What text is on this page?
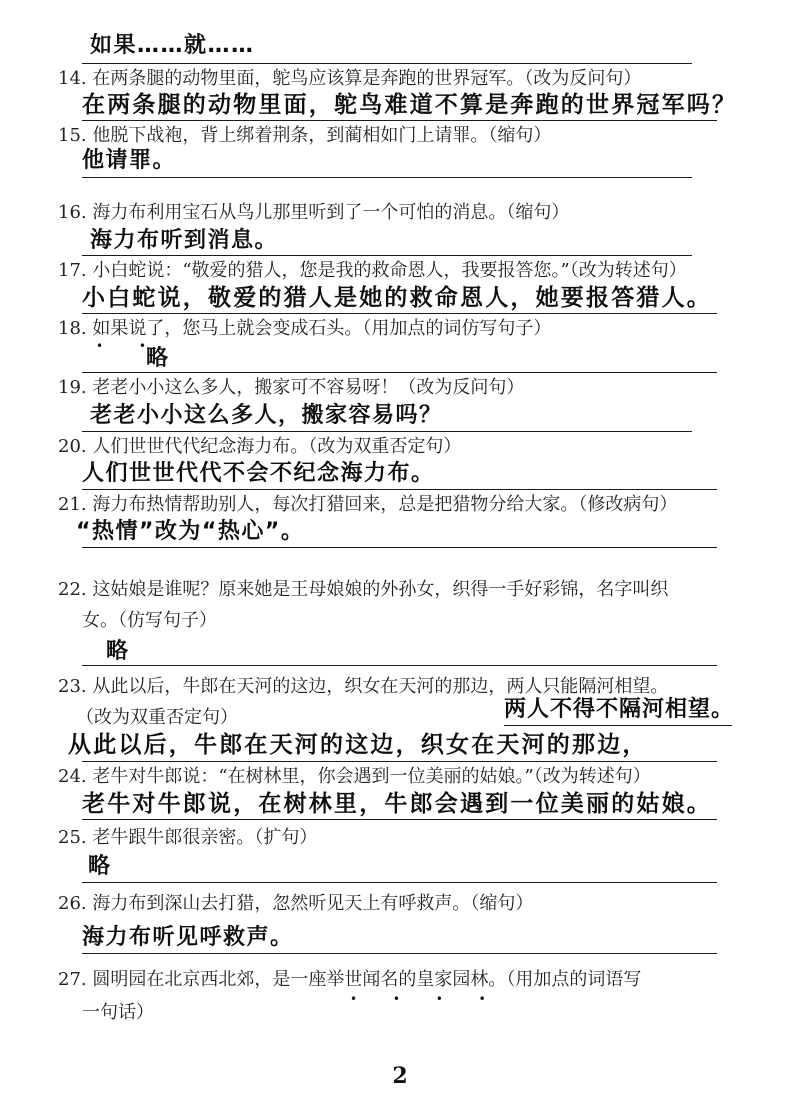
如果……就……

14. 在两条腿的动物里面，鸵鸟应该算是奔跑的世界冠军。（改为反问句）

在两条腿的动物里面，鸵鸟难道不算是奔跑的世界冠军吗？

15. 他脱下战袍，背上绑着荆条，到蔺相如门上请罪。（缩句）

他请罪。

16. 海力布利用宝石从鸟儿那里听到了一个可怕的消息。（缩句）

海力布听到消息。

17. 小白蛇说：“敬爱的猎人，您是我的救命恩人，我要报答您。”（改为转述句）

小白蛇说，敬爱的猎人是她的救命恩人，她要报答猎人。

18. 如果说了，您马上就会变成石头。（用加点的词仿写句子）

• •

略

19. 老老小小这么多人，搬家可不容易呀！（改为反问句）

老老小小这么多人，搬家容易吗？

20. 人们世世代代纪念海力布。（改为双重否定句）

人们世世代代不会不纪念海力布。

21. 海力布热情帮助别人，每次打猎回来，总是把猎物分给大家。（修改病句）

“热情”改为“热心”。

22. 这姑娘是谁呢？原来她是王母娘娘的外孙女，织得一手好彩锦，名字叫织

女。（仿写句子）

略

23. 从此以后，牛郎在天河的这边，织女在天河的那边，两人只能隔河相望。

（改为双重否定句）	两人不得不隔河相望。

从此以后，牛郎在天河的这边，织女在天河的那边，

24. 老牛对牛郎说：“在树林里，你会遇到一位美丽的姑娘。”（改为转述句）

老牛对牛郎说，在树林里，牛郎会遇到一位美丽的姑娘。

25. 老牛跟牛郎很亲密。（扩句）

略

26. 海力布到深山去打猎，忽然听见天上有呼救声。（缩句）

海力布听见呼救声。

27. 圆明园在北京西北郊，是一座举世闻名的皇家园林。（用加点的词语写

• • • •

一句话）

2
